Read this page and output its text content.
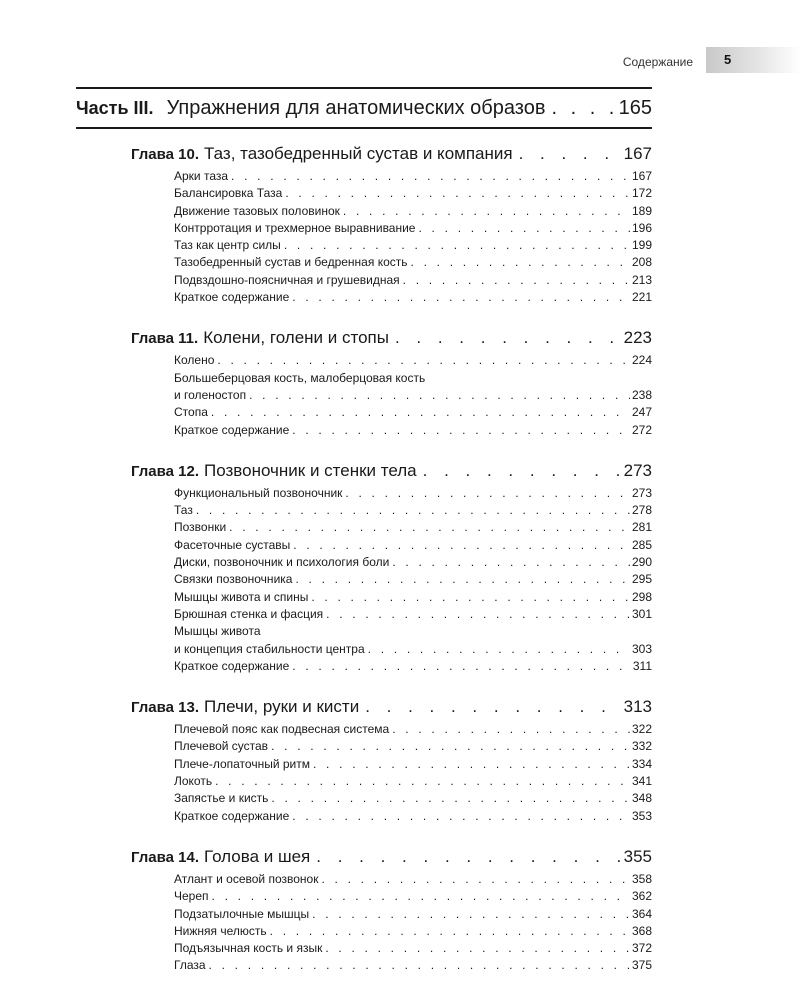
Содержание 5
Часть III. Упражнения для анатомических образов . . .	165
Глава 10. Таз, тазобедренный сустав и компания . . .	167
Арки таза . . .	167
Балансировка Таза . . .	172
Движение тазовых половинок . . .	189
Контрротация и трехмерное выравнивание . . .	196
Таз как центр силы . . .	199
Тазобедренный сустав и бедренная кость . . .	208
Подвздошно-поясничная и грушевидная . . .	213
Краткое содержание . . .	221
Глава 11. Колени, голени и стопы . . .	223
Колено . . .	224
Большеберцовая кость, малоберцовая кость
и голеностоп . . .	238
Стопа . . .	247
Краткое содержание . . .	272
Глава 12. Позвоночник и стенки тела . . .	273
Функциональный позвоночник . . .	273
Таз . . .	278
Позвонки . . .	281
Фасеточные суставы . . .	285
Диски, позвоночник и психология боли . . .	290
Связки позвоночника . . .	295
Мышцы живота и спины . . .	298
Брюшная стенка и фасция . . .	301
Мышцы живота
и концепция стабильности центра . . .	303
Краткое содержание . . .	311
Глава 13. Плечи, руки и кисти . . .	313
Плечевой пояс как подвесная система . . .	322
Плечевой сустав . . .	332
Плече-лопаточный ритм . . .	334
Локоть . . .	341
Запястье и кисть . . .	348
Краткое содержание . . .	353
Глава 14. Голова и шея . . .	355
Атлант и осевой позвонок . . .	358
Череп . . .	362
Подзатылочные мышцы . . .	364
Нижняя челюсть . . .	368
Подъязычная кость и язык . . .	372
Глаза . . .	375
